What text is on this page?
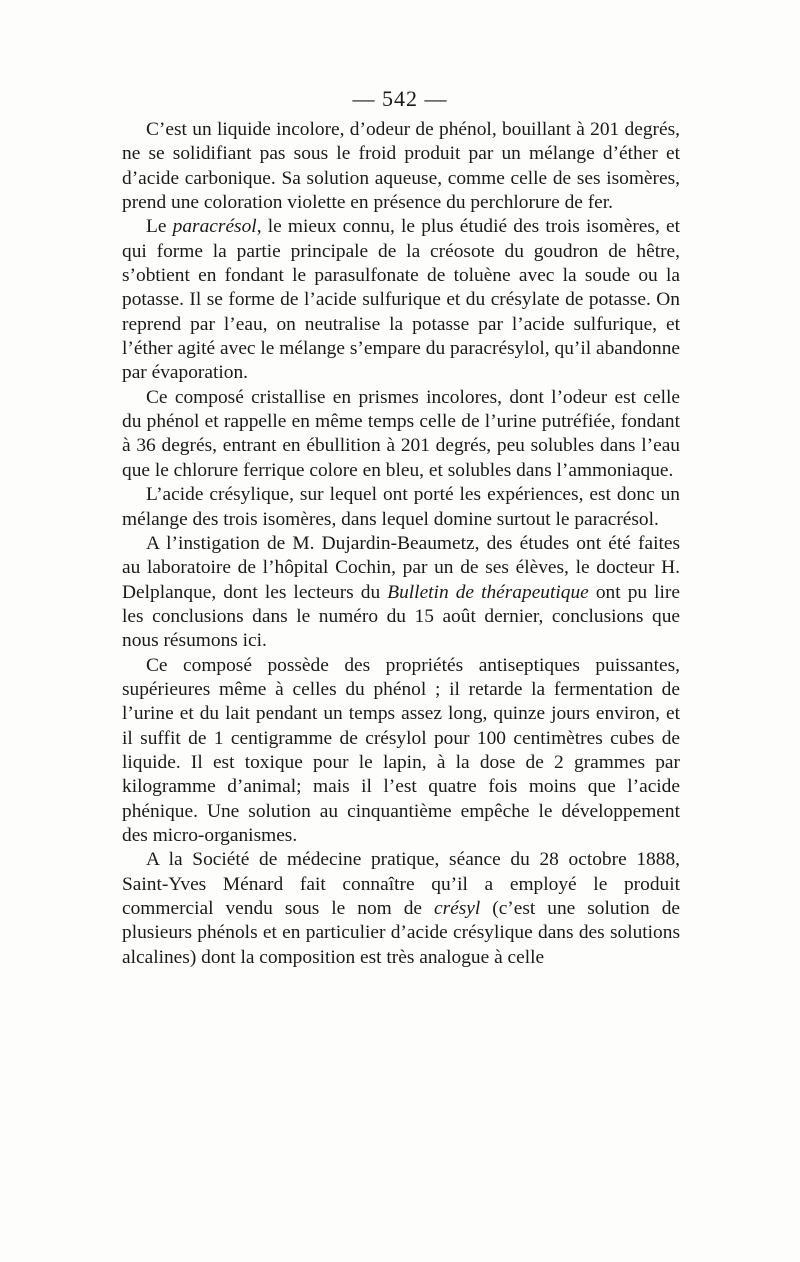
— 542 —

C’est un liquide incolore, d’odeur de phénol, bouillant à 201 degrés, ne se solidifiant pas sous le froid produit par un mélange d’éther et d’acide carbonique. Sa solution aqueuse, comme celle de ses isomères, prend une coloration violette en présence du perchlorure de fer.

Le paracrésol, le mieux connu, le plus étudié des trois isomères, et qui forme la partie principale de la créosote du goudron de hêtre, s’obtient en fondant le parasulfonate de toluène avec la soude ou la potasse. Il se forme de l’acide sulfurique et du crésylate de potasse. On reprend par l’eau, on neutralise la potasse par l’acide sulfurique, et l’éther agité avec le mélange s’empare du paracrésylol, qu’il abandonne par évaporation.

Ce composé cristallise en prismes incolores, dont l’odeur est celle du phénol et rappelle en même temps celle de l’urine putréfiée, fondant à 36 degrés, entrant en ébullition à 201 degrés, peu solubles dans l’eau que le chlorure ferrique colore en bleu, et solubles dans l’ammoniaque.

L’acide crésylique, sur lequel ont porté les expériences, est donc un mélange des trois isomères, dans lequel domine surtout le paracrésol.

A l’instigation de M. Dujardin-Beaumetz, des études ont été faites au laboratoire de l’hôpital Cochin, par un de ses élèves, le docteur H. Delplanque, dont les lecteurs du Bulletin de thérapeutique ont pu lire les conclusions dans le numéro du 15 août dernier, conclusions que nous résumons ici.

Ce composé possède des propriétés antiseptiques puissantes, supérieures même à celles du phénol ; il retarde la fermentation de l’urine et du lait pendant un temps assez long, quinze jours environ, et il suffit de 1 centigramme de crésylol pour 100 centimètres cubes de liquide. Il est toxique pour le lapin, à la dose de 2 grammes par kilogramme d’animal; mais il l’est quatre fois moins que l’acide phénique. Une solution au cinquantième empêche le développement des micro-organismes.

A la Société de médecine pratique, séance du 28 octobre 1888, Saint-Yves Ménard fait connaître qu’il a employé le produit commercial vendu sous le nom de crésyl (c’est une solution de plusieurs phénols et en particulier d’acide crésylique dans des solutions alcalines) dont la composition est très analogue à celle
